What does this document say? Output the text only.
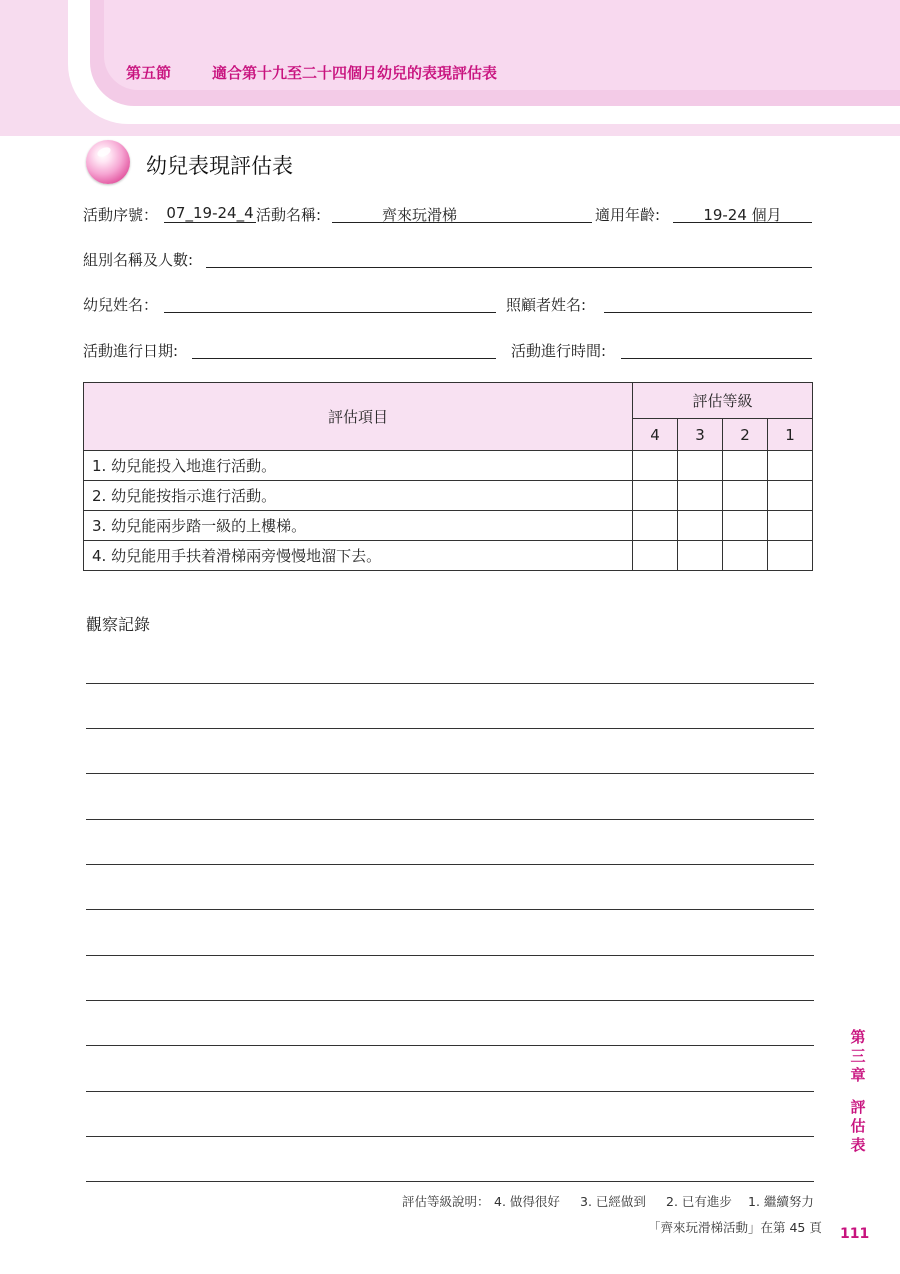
第五節	適合第十九至二十四個月幼兒的表現評估表
幼兒表現評估表
活動序號： 07_19-24_4 活動名稱:	齊來玩滑梯	適用年齡:	19-24 個月
組別名稱及人數:
幼兒姓名：	照顧者姓名:
活動進行日期:	活動進行時間:
評估項目	評估等級			
	4	3	2	1
1. 幼兒能投入地進行活動。				
2. 幼兒能按指示進行活動。				
3. 幼兒能兩步踏一級的上樓梯。				
4. 幼兒能用手扶着滑梯兩旁慢慢地溜下去。				
觀察記錄
第
三
章
評
估
表
評估等級說明： 4. 做得很好 3. 已經做到 2. 已有進步 1. 繼續努力
「齊來玩滑梯活動」在第 45 頁 111
